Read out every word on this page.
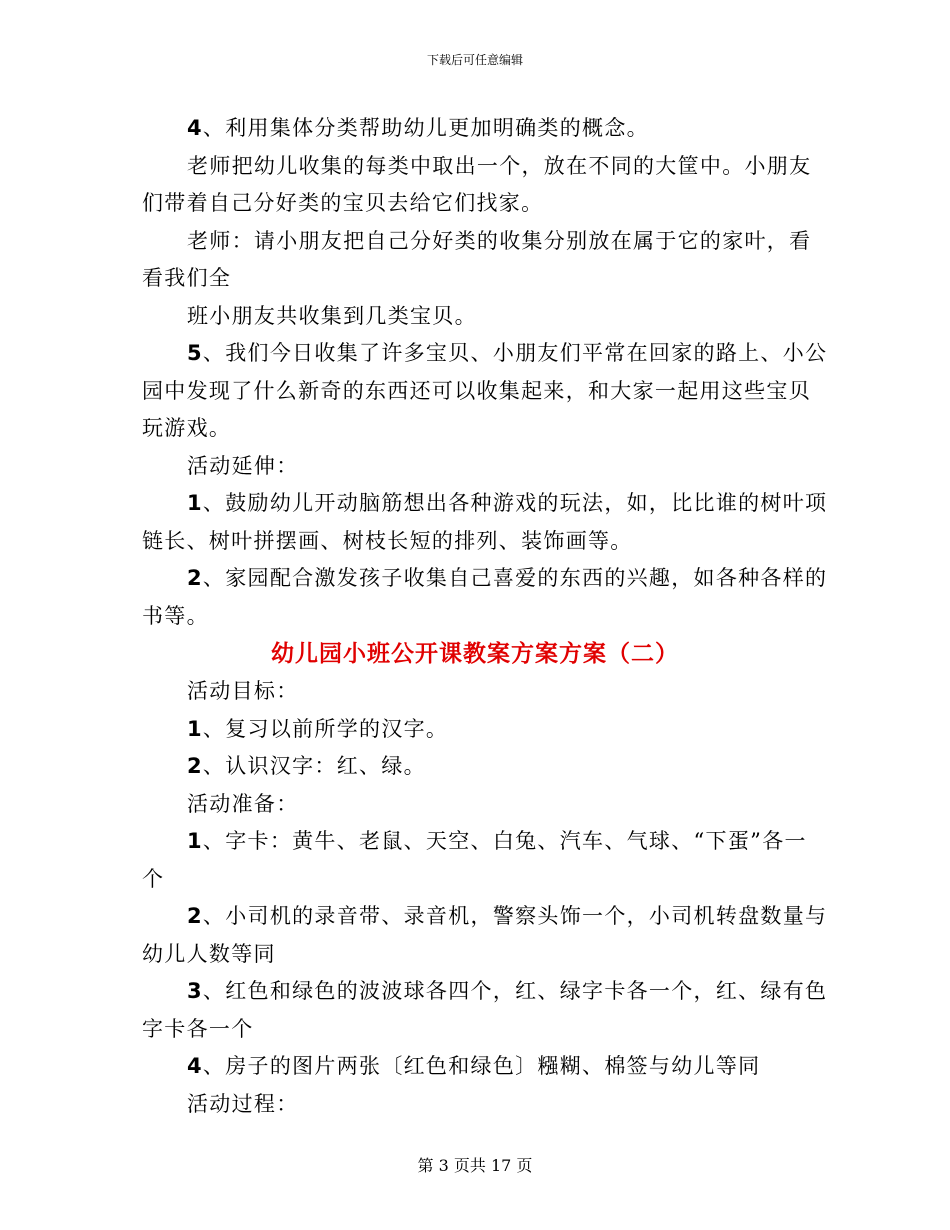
下载后可任意编辑
4、利用集体分类帮助幼儿更加明确类的概念。
老师把幼儿收集的每类中取出一个，放在不同的大筐中。小朋友
们带着自己分好类的宝贝去给它们找家。
老师：请小朋友把自己分好类的收集分别放在属于它的家叶，看
看我们全
班小朋友共收集到几类宝贝。
5、我们今日收集了许多宝贝、小朋友们平常在回家的路上、小公
园中发现了什么新奇的东西还可以收集起来，和大家一起用这些宝贝
玩游戏。
活动延伸：
1、鼓励幼儿开动脑筋想出各种游戏的玩法，如，比比谁的树叶项
链长、树叶拼摆画、树枝长短的排列、装饰画等。
2、家园配合激发孩子收集自己喜爱的东西的兴趣，如各种各样的
书等。
幼儿园小班公开课教案方案方案（二）
活动目标：
1、复习以前所学的汉字。
2、认识汉字：红、绿。
活动准备：
1、字卡：黄牛、老鼠、天空、白兔、汽车、气球、“下蛋”各一
个
2、小司机的录音带、录音机，警察头饰一个，小司机转盘数量与
幼儿人数等同
3、红色和绿色的波波球各四个，红、绿字卡各一个，红、绿有色
字卡各一个
4、房子的图片两张〔红色和绿色〕糨糊、棉签与幼儿等同
活动过程：
第 3 页共 17 页
